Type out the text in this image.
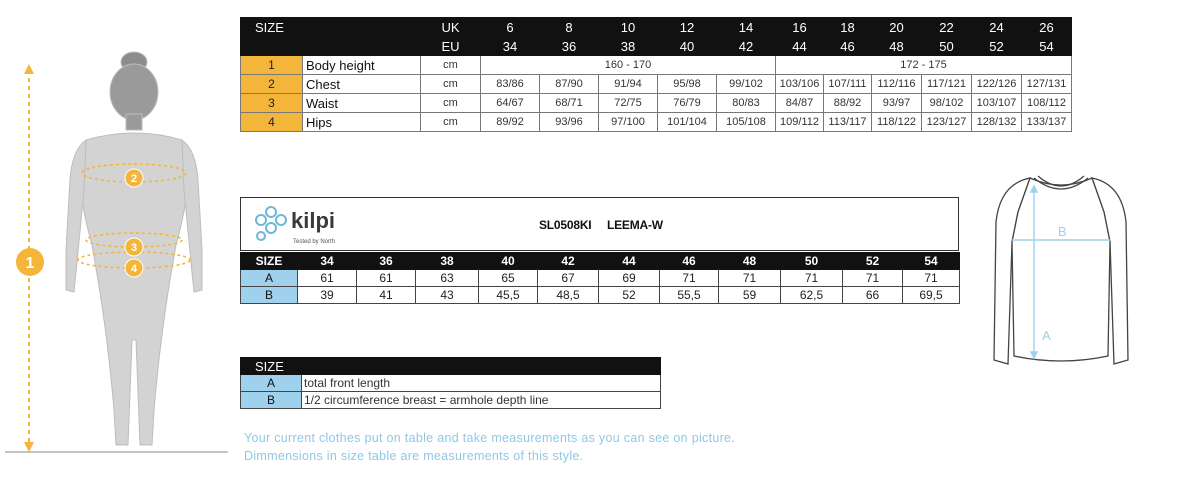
1
2
3
4
SIZE		UK	6	8	10	12	14	16	18	20	22	24	26
		EU	34	36	38	40	42	44	46	48	50	52	54
1	Body height	cm	160 - 170					172 - 175					
2	Chest	cm	83/86	87/90	91/94	95/98	99/102	103/106	107/111	112/116	117/121	122/126	127/131
3	Waist	cm	64/67	68/71	72/75	76/79	80/83	84/87	88/92	93/97	98/102	103/107	108/112
4	Hips	cm	89/92	93/96	97/100	101/104	105/108	109/112	113/117	118/122	123/127	128/132	133/137
kilpi
Tested by North
SL0508KI LEEMA-W
SIZE	34	36	38	40	42	44	46	48	50	52	54
A	61	61	63	65	67	69	71	71	71	71	71
B	39	41	43	45,5	48,5	52	55,5	59	62,5	66	69,5
SIZE	
A	total front length
B	1/2 circumference breast = armhole depth line

Your current clothes put on table and take measurements as you can see on picture.

Dimmensions in size table are measurements of this style.

B
A
